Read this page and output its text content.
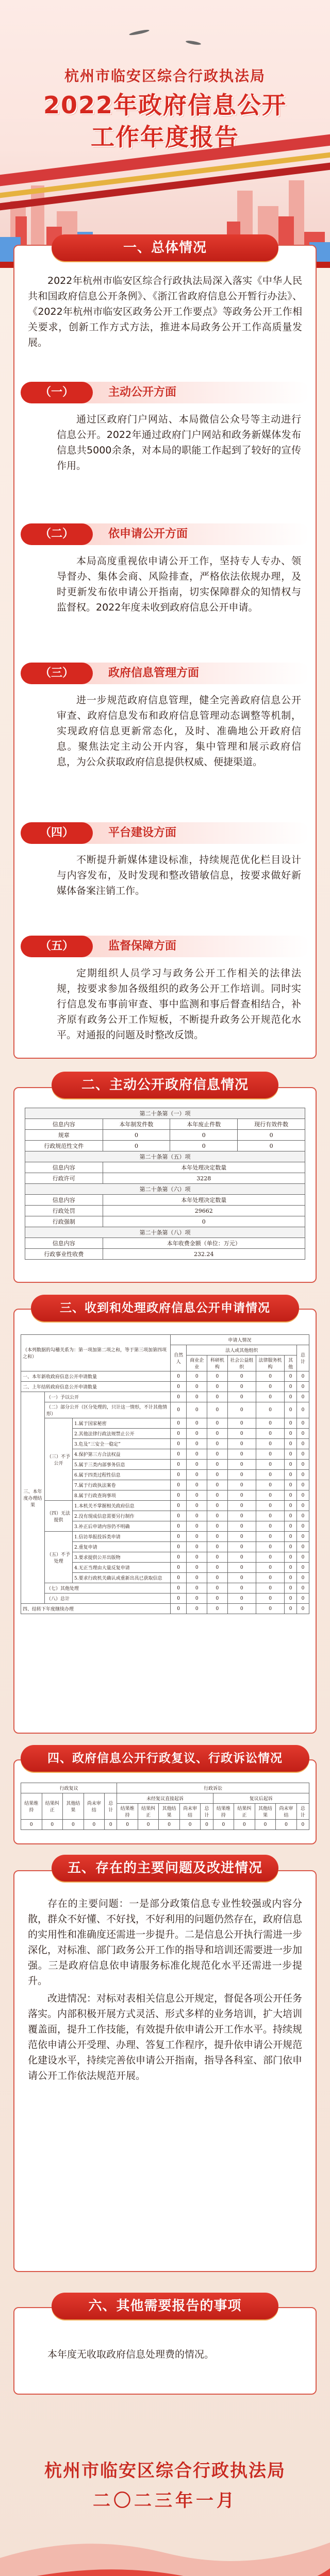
杭州市临安区综合行政执法局
2022年政府信息公开
工作年度报告
一、总体情况

2022年杭州市临安区综合行政执法局深入落实《中华人民共和国政府信息公开条例》、《浙江省政府信息公开暂行办法》、《2022年杭州市临安区政务公开工作要点》等政务公开工作相关要求，创新工作方式方法，推进本局政务公开工作高质量发展。

（一）	主动公开方面

通过区政府门户网站、本局微信公众号等主动进行信息公开。2022年通过政府门户网站和政务新媒体发布信息共5000余条，对本局的职能工作起到了较好的宣传作用。

（二）	依申请公开方面

本局高度重视依申请公开工作，坚持专人专办、领导督办、集体会商、风险排查，严格依法依规办理，及时更新发布依申请公开指南，切实保障群众的知情权与监督权。2022年度未收到政府信息公开申请。

（三）	政府信息管理方面

进一步规范政府信息管理，健全完善政府信息公开审查、政府信息发布和政府信息管理动态调整等机制，实现政府信息更新常态化，及时、准确地公开政府信息。聚焦法定主动公开内容，集中管理和展示政府信息，为公众获取政府信息提供权威、便捷渠道。

（四）	平台建设方面

不断提升新媒体建设标准，持续规范优化栏目设计与内容发布，及时发现和整改错敏信息，按要求做好新媒体备案注销工作。

（五）	监督保障方面

定期组织人员学习与政务公开工作相关的法律法规，按要求参加各级组织的政务公开工作培训。同时实行信息发布事前审查、事中监测和事后督查相结合，补齐原有政务公开工作短板，不断提升政务公开规范化水平。对通报的问题及时整改反馈。

二、主动公开政府信息情况
第二十条第（一）项			
信息内容	本年制发件数	本年废止件数	现行有效件数
规章	0	0	0
行政规范性文件	0	0	0
第二十条第（五）项			
信息内容	本年处理决定数量		
行政许可	3228		
第二十条第（六）项			
信息内容	本年处理决定数量		
行政处罚	29662		
行政强制	0		
第二十条第（八）项			
信息内容	本年收费金额（单位：万元）		
行政事业性收费	232.24		
三、收到和处理政府信息公开申请情况
（本列数据的勾稽关系为：第一项加第二项之和，等于第三项加第四项之和）			申请人情况						
			自然人	法人或其他组织					总计
				商业企业	科研机构	社会公益组织	法律服务机构	其他	
一、本年新收政府信息公开申请数量			0	0	0	0	0	0	0
二、上年结转政府信息公开申请数量			0	0	0	0	0	0	0
三、本年度办理结果	（一）予以公开		0	0	0	0	0	0	0
	（二）部分公开（区分处理的，只计这一情形，不计其他情形）		0	0	0	0	0	0	0
	（三）不予公开	1.属于国家秘密	0	0	0	0	0	0	0
		2.其他法律行政法规禁止公开	0	0	0	0	0	0	0
		3.危及“三安全一稳定”	0	0	0	0	0	0	0
		4.保护第三方合法权益	0	0	0	0	0	0	0
		5.属于三类内部事务信息	0	0	0	0	0	0	0
		6.属于四类过程性信息	0	0	0	0	0	0	0
		7.属于行政执法案卷	0	0	0	0	0	0	0
		8.属于行政查询事项	0	0	0	0	0	0	0
	（四）无法提供	1.本机关不掌握相关政府信息	0	0	0	0	0	0	0
		2.没有现成信息需要另行制作	0	0	0	0	0	0	0
		3.补正后申请内容仍不明确	0	0	0	0	0	0	0
	（五）不予处理	1.信访举报投诉类申请	0	0	0	0	0	0	0
		2.重复申请	0	0	0	0	0	0	0
		3.要求提供公开出版物	0	0	0	0	0	0	0
		4.无正当理由大量反复申请	0	0	0	0	0	0	0
		5.要求行政机关确认或重新出具已获取信息	0	0	0	0	0	0	0
	（七）其他处理		0	0	0	0	0	0	0
	（八）总计		0	0	0	0	0	0	0
四、结转下年度继续办理			0	0	0	0	0	0	0
四、政府信息公开行政复议、行政诉讼情况
行政复议					行政诉讼									
结果维持	结果纠正	其他结果	尚未审结	总计	未经复议直接起诉					复议后起诉				
					结果维持	结果纠正	其他结果	尚未审结	总计	结果维持	结果纠正	其他结果	尚未审结	总计
0	0	0	0	0	0	0	0	0	0	0	0	0	0	0
五、存在的主要问题及改进情况

存在的主要问题：一是部分政策信息专业性较强或内容分散，群众不好懂、不好找，不好利用的问题仍然存在，政府信息的实用性和准确度还需进一步提升。二是信息公开执行需进一步深化，对标准、部门政务公开工作的指导和培训还需要进一步加强。三是政府信息依申请服务标准化规范化水平还需进一步提升。

改进情况：对标对表相关信息公开规定，督促各项公开任务落实。内部积极开展方式灵活、形式多样的业务培训，扩大培训覆盖面，提升工作技能，有效提升依申请公开工作水平。持续规范依申请公开受理、办理、答复工作程序，提升依申请公开规范化建设水平，持续完善依申请公开指南，指导各科室、部门依申请公开工作依法规范开展。

六、其他需要报告的事项

本年度无收取政府信息处理费的情况。

杭州市临安区综合行政执法局
二〇二三年一月
